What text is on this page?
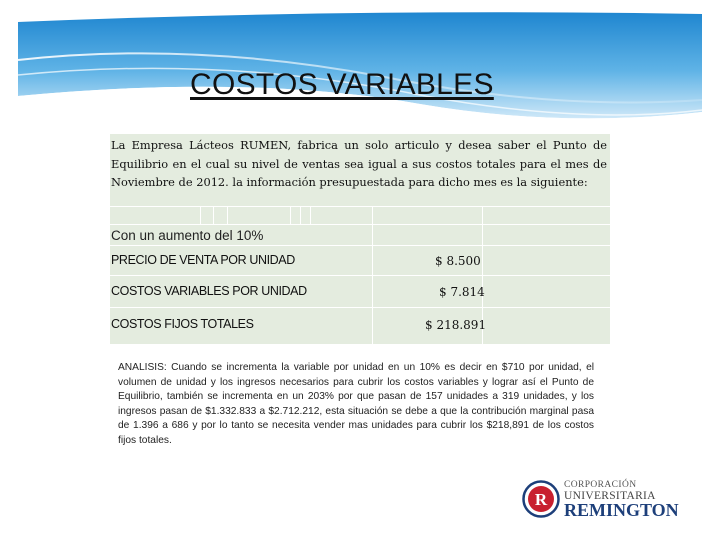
COSTOS VARIABLES
La Empresa Lácteos RUMEN, fabrica un solo articulo y desea saber el Punto de Equilibrio en el cual su nivel de ventas sea igual a sus costos totales para el mes de Noviembre de 2012. la información presupuestada para dicho mes es la siguiente:
Con un aumento del 10%
PRECIO DE VENTA POR UNIDAD	$ 8.500
COSTOS VARIABLES POR UNIDAD	$ 7.814
COSTOS FIJOS TOTALES	$ 218.891
ANALISIS: Cuando se incrementa la variable por unidad en un 10% es decir en $710 por unidad, el volumen de unidad y los ingresos necesarios para cubrir los costos variables y lograr así el Punto de Equilibrio, también se incrementa en un 203% por que pasan de 157 unidades a 319 unidades, y los ingresos pasan de $1.332.833 a $2.712.212, esta situación se debe a que la contribución marginal pasa de 1.396 a 686 y por lo tanto se necesita vender mas unidades para cubrir los $218,891 de los costos fijos totales.
R
CORPORACIÓN
UNIVERSITARIA
REMINGTON
